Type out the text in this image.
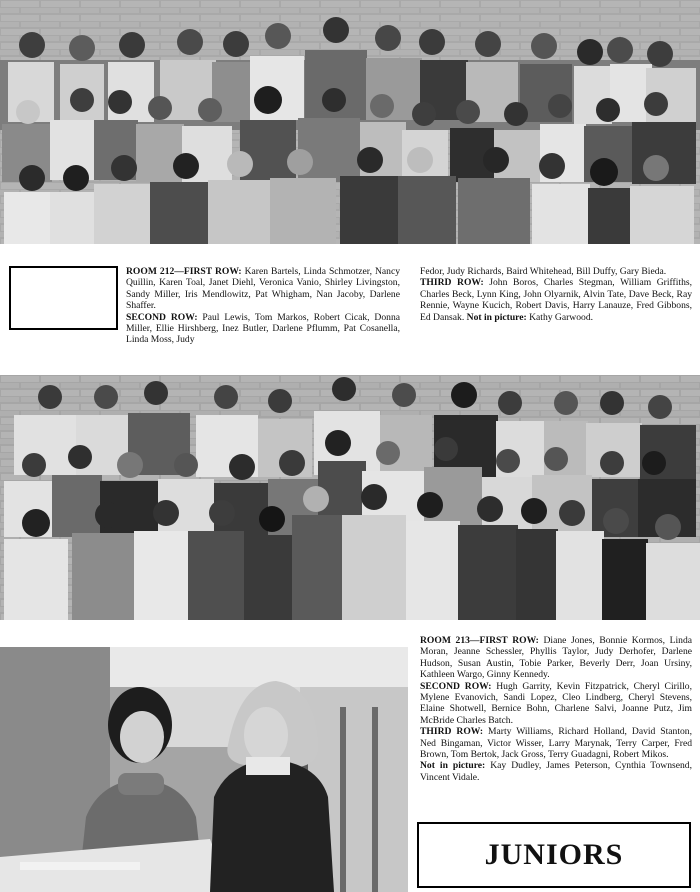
ROOM 212—FIRST ROW: Karen Bartels, Linda Schmotzer, Nancy Quillin, Karen Toal, Janet Diehl, Veronica Vanio, Shirley Livingston, Sandy Miller, Iris Mendlowitz, Pat Whigham, Nan Jacoby, Darlene Shaffer.

SECOND ROW: Paul Lewis, Tom Markos, Robert Cicak, Donna Miller, Ellie Hirshberg, Inez Butler, Darlene Pflumm, Pat Cosanella, Linda Moss, Judy

Fedor, Judy Richards, Baird Whitehead, Bill Duffy, Gary Bieda.

THIRD ROW: John Boros, Charles Stegman, William Griffiths, Charles Beck, Lynn King, John Olyarnik, Alvin Tate, Dave Beck, Ray Rennie, Wayne Kucich, Robert Davis, Harry Lanauze, Fred Gibbons, Ed Dansak. Not in picture: Kathy Garwood.

ROOM 213—FIRST ROW: Diane Jones, Bonnie Kormos, Linda Moran, Jeanne Schessler, Phyllis Taylor, Judy Derhofer, Darlene Hudson, Susan Austin, Tobie Parker, Beverly Derr, Joan Ursiny, Kathleen Wargo, Ginny Kennedy.

SECOND ROW: Hugh Garrity, Kevin Fitzpatrick, Cheryl Cirillo, Mylene Evanovich, Sandi Lopez, Cleo Lindberg, Cheryl Stevens, Elaine Shotwell, Bernice Bohn, Charlene Salvi, Joanne Putz, Jim McBride Charles Batch.

THIRD ROW: Marty Williams, Richard Holland, David Stanton, Ned Bingaman, Victor Wisser, Larry Marynak, Terry Carper, Fred Brown, Tom Bertok, Jack Gross, Terry Guadagni, Robert Mikos.

Not in picture: Kay Dudley, James Peterson, Cynthia Townsend, Vincent Vidale.

JUNIORS
